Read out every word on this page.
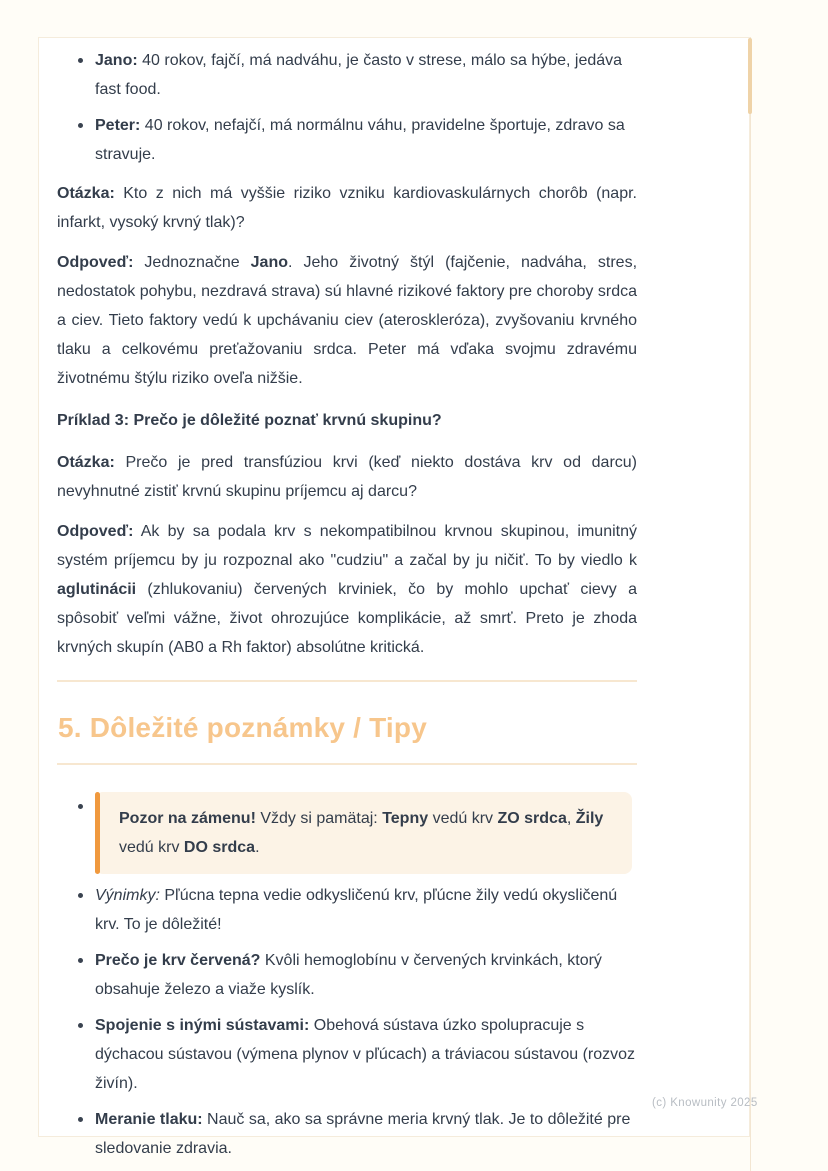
Jano: 40 rokov, fajčí, má nadváhu, je často v strese, málo sa hýbe, jedáva fast food.
Peter: 40 rokov, nefajčí, má normálnu váhu, pravidelne športuje, zdravo sa stravuje.

Otázka: Kto z nich má vyššie riziko vzniku kardiovaskulárnych chorôb (napr. infarkt, vysoký krvný tlak)?

Odpoveď: Jednoznačne Jano. Jeho životný štýl (fajčenie, nadváha, stres, nedostatok pohybu, nezdravá strava) sú hlavné rizikové faktory pre choroby srdca a ciev. Tieto faktory vedú k upchávaniu ciev (ateroskleróza), zvyšovaniu krvného tlaku a celkovému preťažovaniu srdca. Peter má vďaka svojmu zdravému životnému štýlu riziko oveľa nižšie.

Príklad 3: Prečo je dôležité poznať krvnú skupinu?

Otázka: Prečo je pred transfúziou krvi (keď niekto dostáva krv od darcu) nevyhnutné zistiť krvnú skupinu príjemcu aj darcu?

Odpoveď: Ak by sa podala krv s nekompatibilnou krvnou skupinou, imunitný systém príjemcu by ju rozpoznal ako "cudziu" a začal by ju ničiť. To by viedlo k aglutinácii (zhlukovaniu) červených krviniek, čo by mohlo upchať cievy a spôsobiť veľmi vážne, život ohrozujúce komplikácie, až smrť. Preto je zhoda krvných skupín (AB0 a Rh faktor) absolútne kritická.

5. Dôležité poznámky / Tipy
Pozor na zámenu! Vždy si pamätaj: Tepny vedú krv ZO srdca, Žily vedú krv DO srdca.
Výnimky: Pľúcna tepna vedie odkysličenú krv, pľúcne žily vedú okysličenú krv. To je dôležité!
Prečo je krv červená? Kvôli hemoglobínu v červených krvinkách, ktorý obsahuje železo a viaže kyslík.
Spojenie s inými sústavami: Obehová sústava úzko spolupracuje s dýchacou sústavou (výmena plynov v pľúcach) a tráviacou sústavou (rozvoz živín).
Meranie tlaku: Nauč sa, ako sa správne meria krvný tlak. Je to dôležité pre sledovanie zdravia.
(c) Knowunity 2025
